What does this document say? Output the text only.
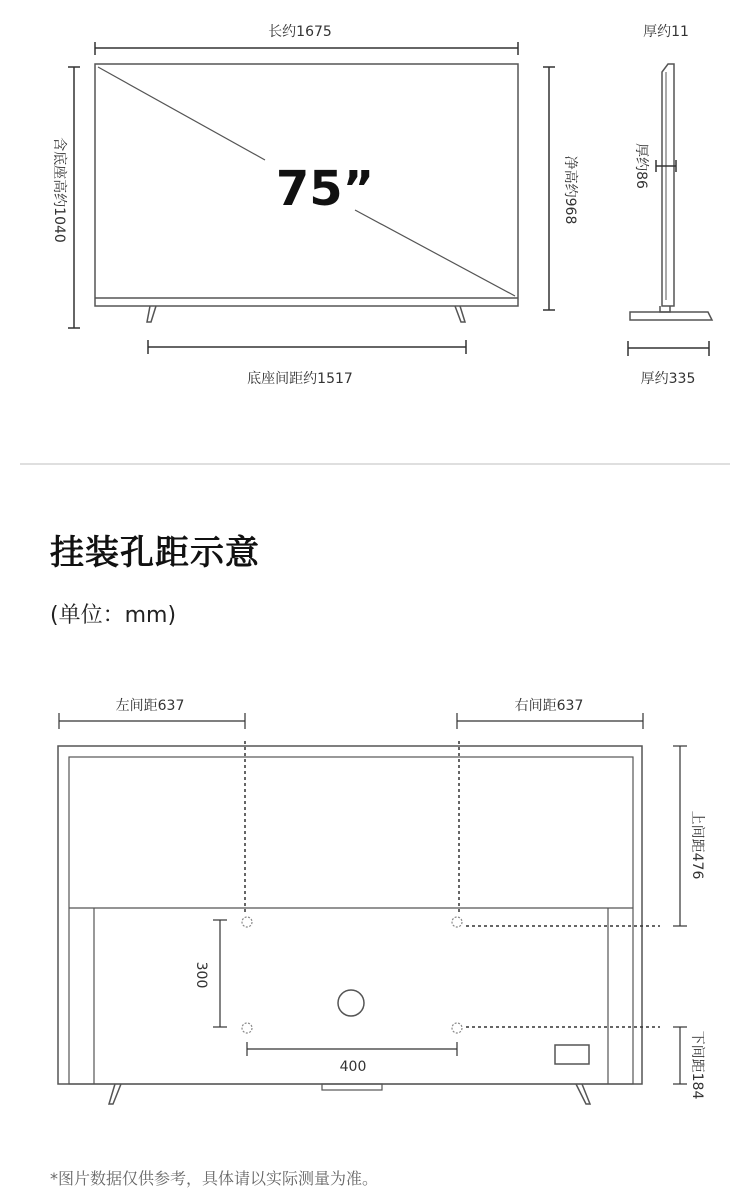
长约1675
75”
含底座高约1040	净高约968
底座间距约1517
厚约11
厚约86
厚约335
左间距637	右间距637
上间距476
下间距184
300
400
挂装孔距示意
(单位：mm)
*图片数据仅供参考，具体请以实际测量为准。
